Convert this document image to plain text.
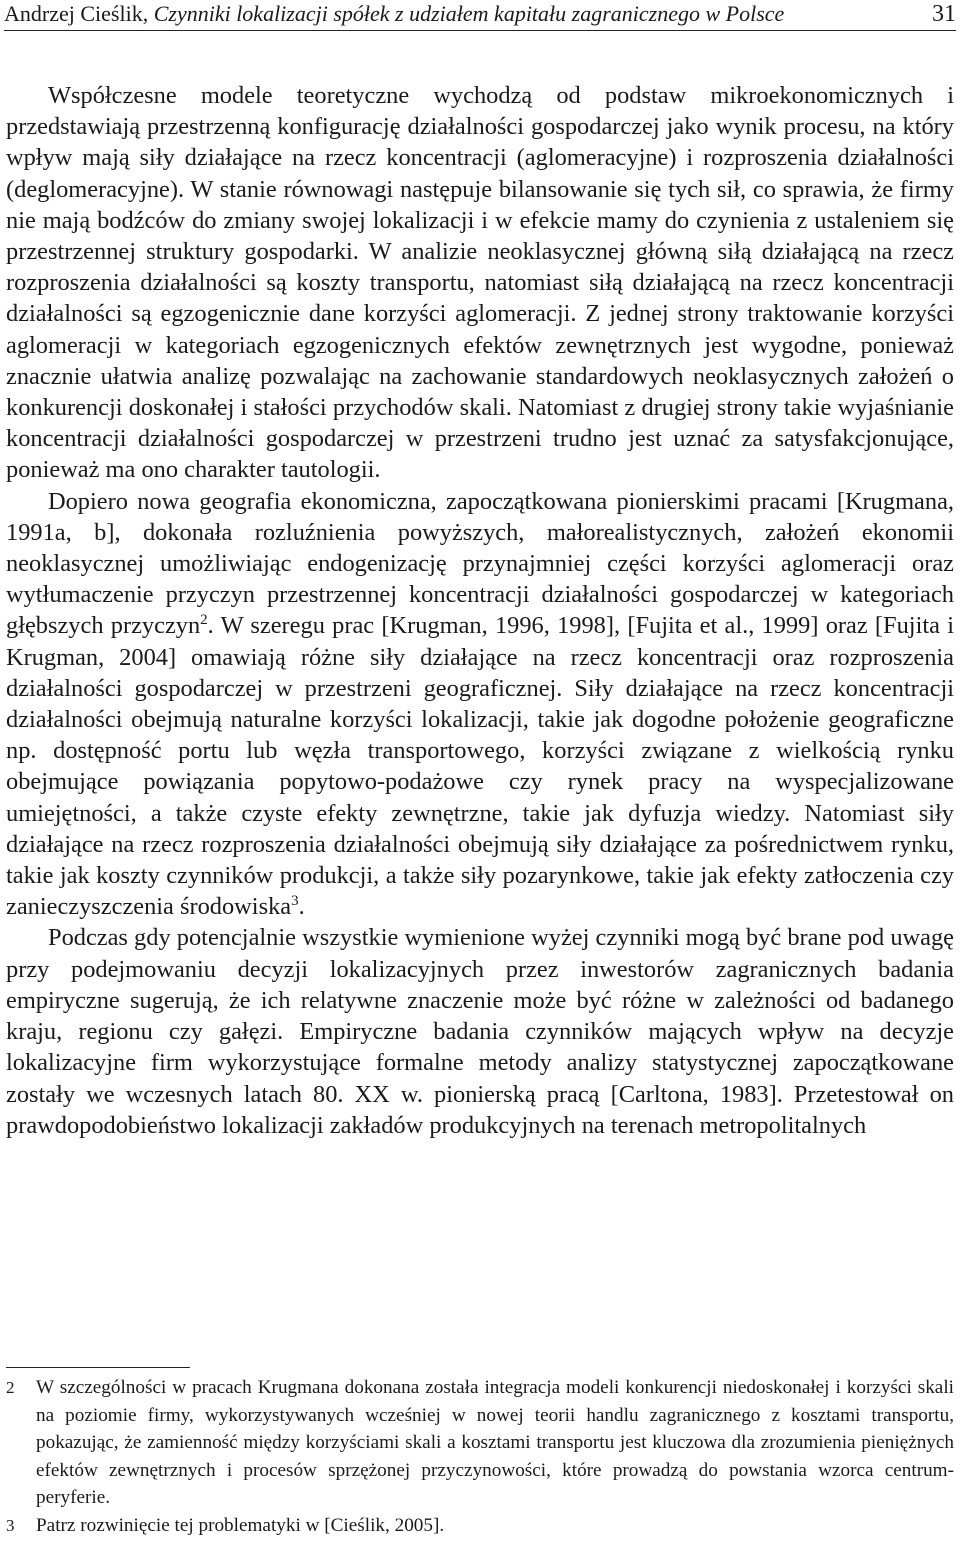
Andrzej Cieślik, Czynniki lokalizacji spółek z udziałem kapitału zagranicznego w Polsce	31

Współczesne modele teoretyczne wychodzą od podstaw mikroekonomicznych i przedstawiają przestrzenną konfigurację działalności gospodarczej jako wynik procesu, na który wpływ mają siły działające na rzecz koncentracji (aglomeracyjne) i rozproszenia działalności (deglomeracyjne). W stanie równowagi następuje bilansowanie się tych sił, co sprawia, że firmy nie mają bodźców do zmiany swojej lokalizacji i w efekcie mamy do czynienia z ustaleniem się przestrzennej struktury gospodarki. W analizie neoklasycznej główną siłą działającą na rzecz rozproszenia działalności są koszty transportu, natomiast siłą działającą na rzecz koncentracji działalności są egzogenicznie dane korzyści aglomeracji. Z jednej strony traktowanie korzyści aglomeracji w kategoriach egzogenicznych efektów zewnętrznych jest wygodne, ponieważ znacznie ułatwia analizę pozwalając na zachowanie standardowych neoklasycznych założeń o konkurencji doskonałej i stałości przychodów skali. Natomiast z drugiej strony takie wyjaśnianie koncentracji działalności gospodarczej w przestrzeni trudno jest uznać za satysfakcjonujące, ponieważ ma ono charakter tautologii.

Dopiero nowa geografia ekonomiczna, zapoczątkowana pionierskimi pracami [Krugmana, 1991a, b], dokonała rozluźnienia powyższych, małorealistycznych, założeń ekonomii neoklasycznej umożliwiając endogenizację przynajmniej części korzyści aglomeracji oraz wytłumaczenie przyczyn przestrzennej koncentracji działalności gospodarczej w kategoriach głębszych przyczyn$^2$. W szeregu prac [Krugman, 1996, 1998], [Fujita et al., 1999] oraz [Fujita i Krugman, 2004] omawiają różne siły działające na rzecz koncentracji oraz rozproszenia działalności gospodarczej w przestrzeni geograficznej. Siły działające na rzecz koncentracji działalności obejmują naturalne korzyści lokalizacji, takie jak dogodne położenie geograficzne np. dostępność portu lub węzła transportowego, korzyści związane z wielkością rynku obejmujące powiązania popytowo-podażowe czy rynek pracy na wyspecjalizowane umiejętności, a także czyste efekty zewnętrzne, takie jak dyfuzja wiedzy. Natomiast siły działające na rzecz rozproszenia działalności obejmują siły działające za pośrednictwem rynku, takie jak koszty czynników produkcji, a także siły pozarynkowe, takie jak efekty zatłoczenia czy zanieczyszczenia środowiska$^3$.

Podczas gdy potencjalnie wszystkie wymienione wyżej czynniki mogą być brane pod uwagę przy podejmowaniu decyzji lokalizacyjnych przez inwestorów zagranicznych badania empiryczne sugerują, że ich relatywne znaczenie może być różne w zależności od badanego kraju, regionu czy gałęzi. Empiryczne badania czynników mających wpływ na decyzje lokalizacyjne firm wykorzystujące formalne metody analizy statystycznej zapoczątkowane zostały we wczesnych latach 80. XX w. pionierską pracą [Carltona, 1983]. Przetestował on prawdopodobieństwo lokalizacji zakładów produkcyjnych na terenach metropolitalnych

2 W szczególności w pracach Krugmana dokonana została integracja modeli konkurencji niedoskonałej i korzyści skali na poziomie firmy, wykorzystywanych wcześniej w nowej teorii handlu zagranicznego z kosztami transportu, pokazując, że zamienność między korzyściami skali a kosztami transportu jest kluczowa dla zrozumienia pieniężnych efektów zewnętrznych i procesów sprzężonej przyczynowości, które prowadzą do powstania wzorca centrum-peryferie.

3 Patrz rozwinięcie tej problematyki w [Cieślik, 2005].
